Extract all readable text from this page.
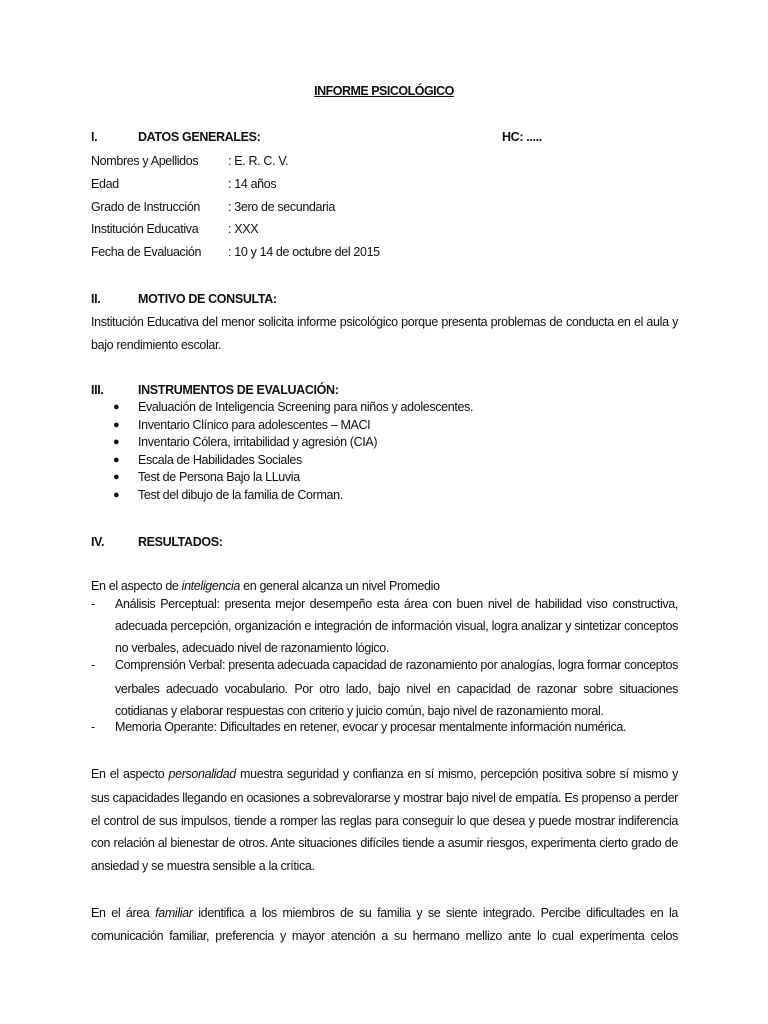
INFORME PSICOLÓGICO
I.	DATOS GENERALES:	HC: .....
Nombres y Apellidos : E. R. C. V.
Edad	: 14 años
Grado de Instrucción : 3ero de secundaria
Institución Educativa : XXX
Fecha de Evaluación : 10 y 14 de octubre del 2015
II.	MOTIVO DE CONSULTA:
Institución Educativa del menor solicita informe psicológico porque presenta problemas de conducta en el aula y
bajo rendimiento escolar.
III.	INSTRUMENTOS DE EVALUACIÓN:
● Evaluación de Inteligencia Screening para niños y adolescentes.
● Inventario Clínico para adolescentes – MACI
● Inventario Cólera, irritabilidad y agresión (CIA)
● Escala de Habilidades Sociales
● Test de Persona Bajo la LLuvia
● Test del dibujo de la familia de Corman.
IV.	RESULTADOS:
En el aspecto de inteligencia en general alcanza un nivel Promedio
- Análisis Perceptual: presenta mejor desempeño esta área con buen nivel de habilidad viso constructiva,
adecuada percepción, organización e integración de información visual, logra analizar y sintetizar conceptos
no verbales, adecuado nivel de razonamiento lógico.
- Comprensión Verbal: presenta adecuada capacidad de razonamiento por analogías, logra formar conceptos
verbales adecuado vocabulario. Por otro lado, bajo nivel en capacidad de razonar sobre situaciones
cotidianas y elaborar respuestas con criterio y juicio común, bajo nivel de razonamiento moral.
- Memoria Operante: Dificultades en retener, evocar y procesar mentalmente información numérica.
En el aspecto personalidad muestra seguridad y confianza en sí mismo, percepción positiva sobre sí mismo y
sus capacidades llegando en ocasiones a sobrevalorarse y mostrar bajo nivel de empatía. Es propenso a perder
el control de sus impulsos, tiende a romper las reglas para conseguir lo que desea y puede mostrar indiferencia
con relación al bienestar de otros. Ante situaciones difíciles tiende a asumir riesgos, experimenta cierto grado de
ansiedad y se muestra sensible a la crítica.
En el área familiar identifica a los miembros de su familia y se siente integrado. Percibe dificultades en la
comunicación familiar, preferencia y mayor atención a su hermano mellizo ante lo cual experimenta celos
